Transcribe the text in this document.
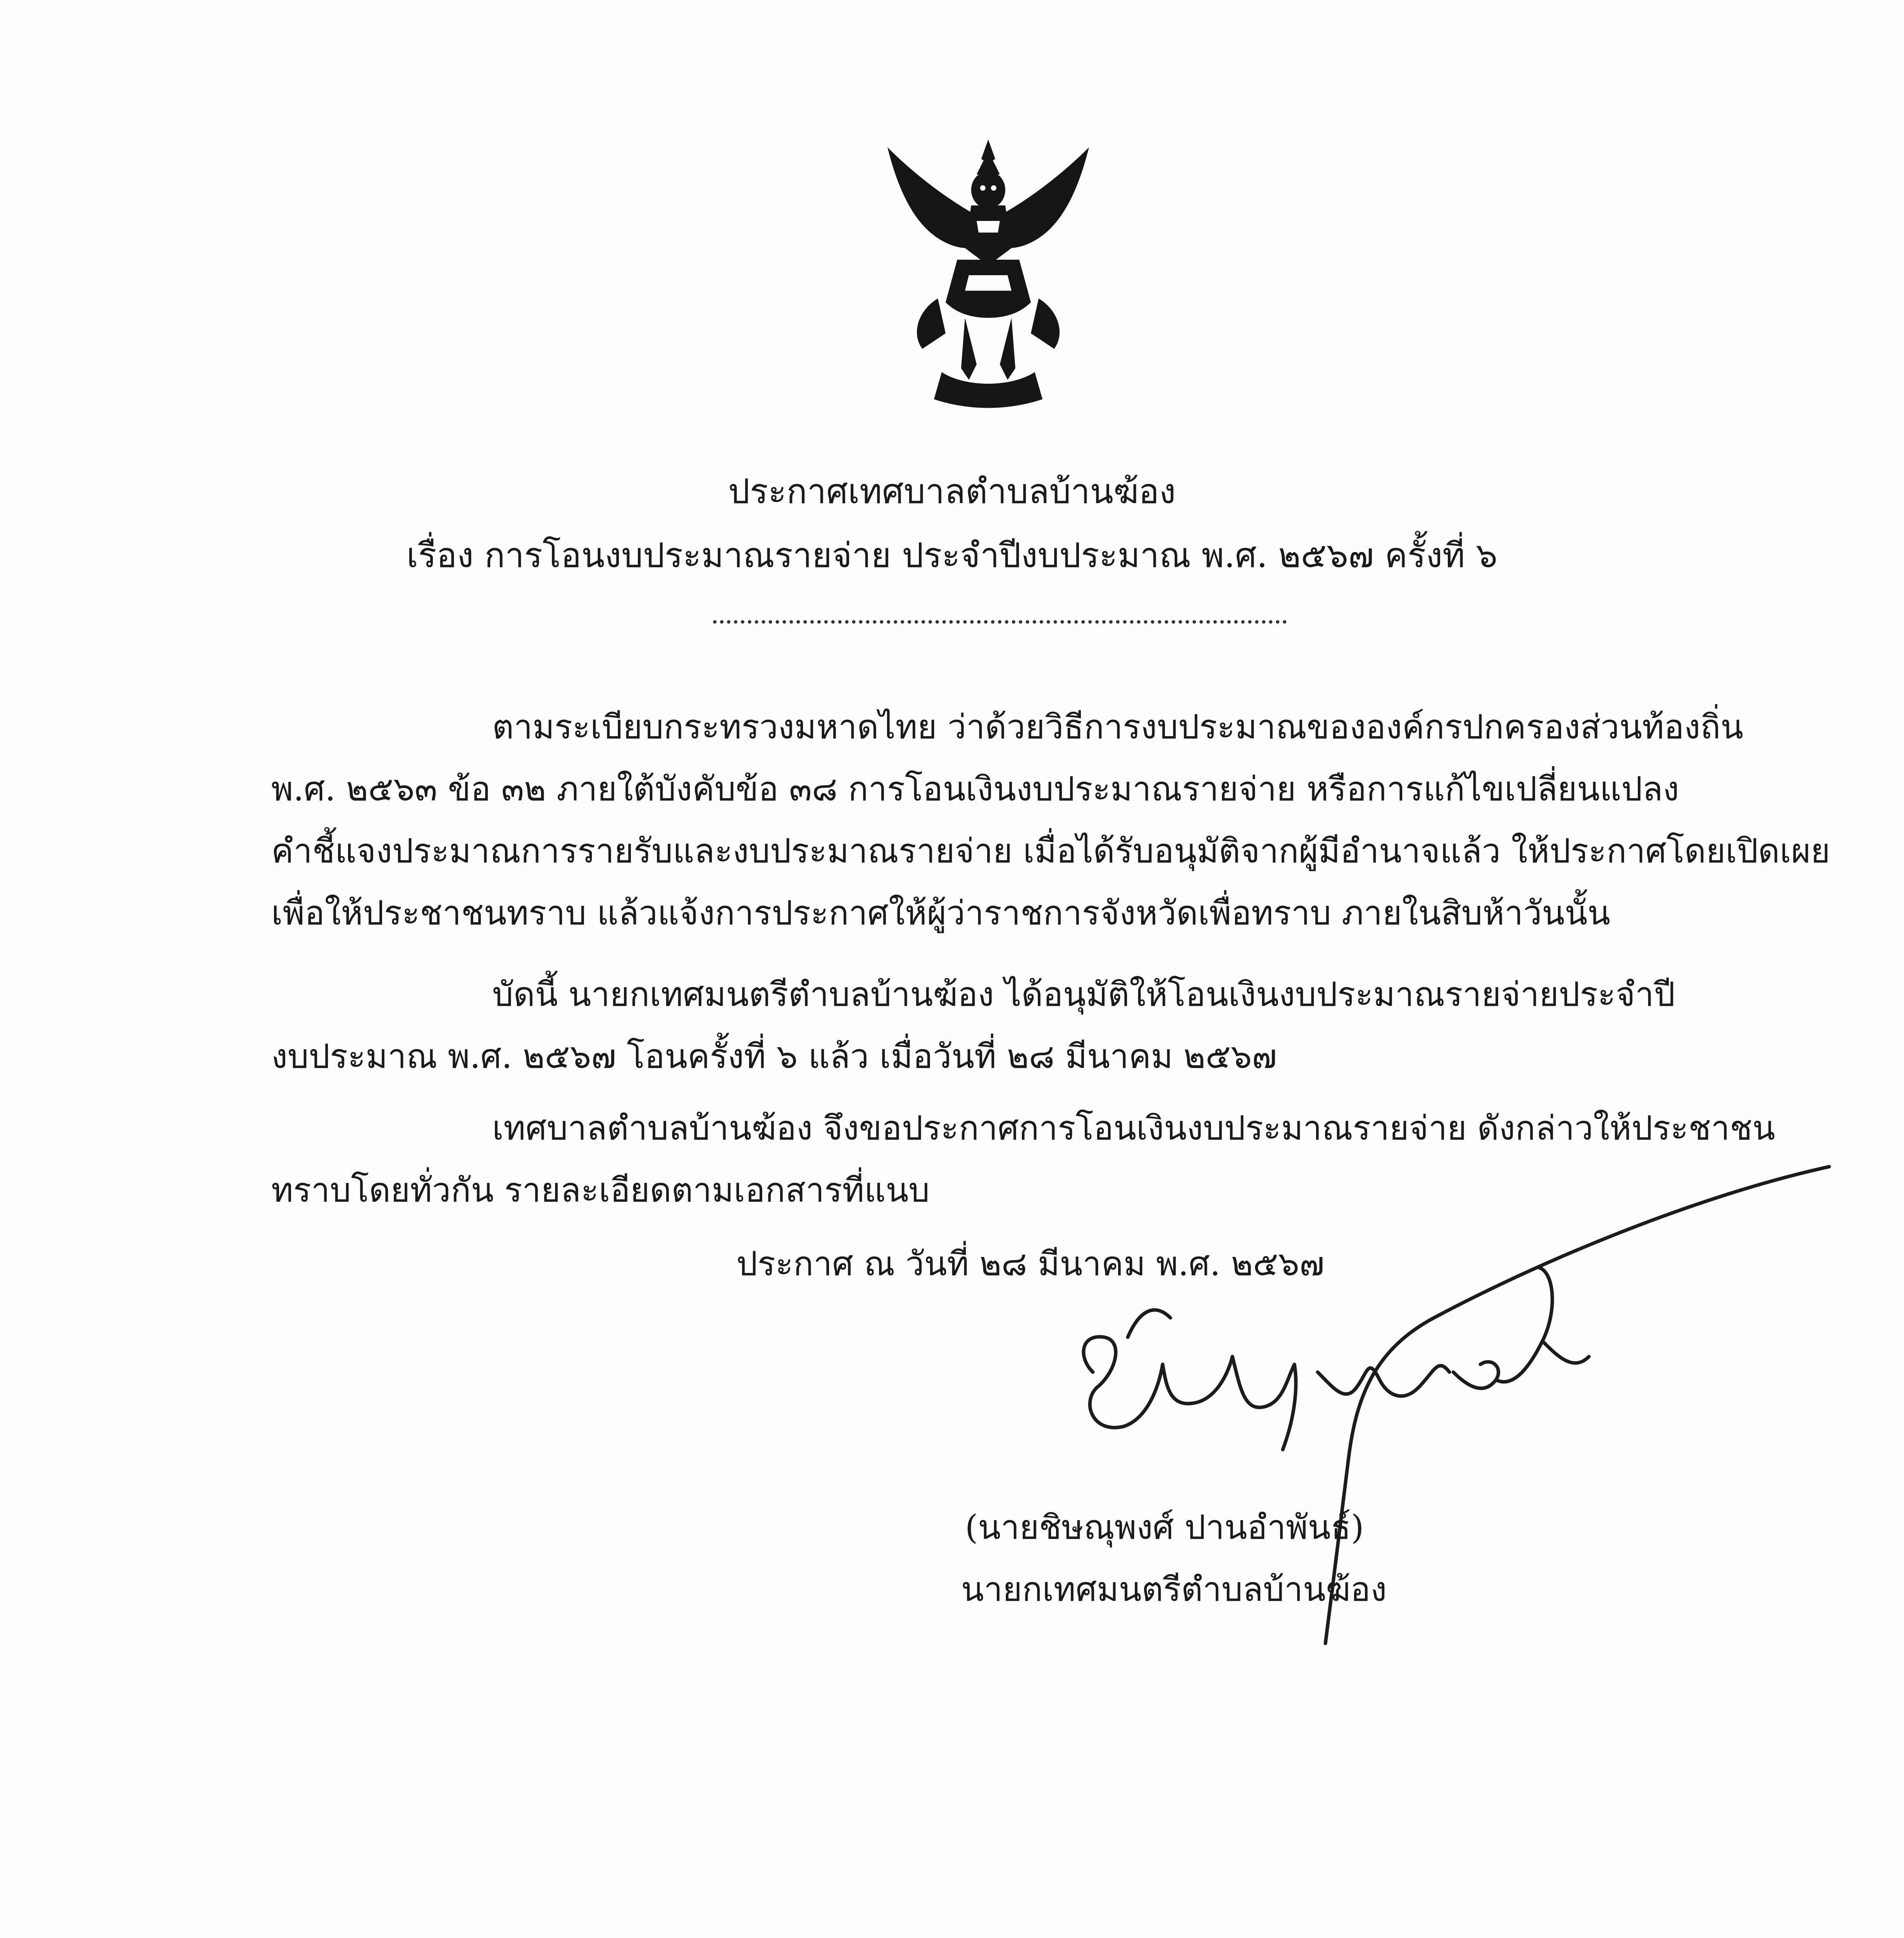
ประกาศเทศบาลตำบลบ้านฆ้อง
เรื่อง การโอนงบประมาณรายจ่าย ประจำปีงบประมาณ พ.ศ. ๒๕๖๗ ครั้งที่ ๖
ตามระเบียบกระทรวงมหาดไทย ว่าด้วยวิธีการงบประมาณขององค์กรปกครองส่วนท้องถิ่น
พ.ศ. ๒๕๖๓ ข้อ ๓๒ ภายใต้บังคับข้อ ๓๘ การโอนเงินงบประมาณรายจ่าย หรือการแก้ไขเปลี่ยนแปลง
คำชี้แจงประมาณการรายรับและงบประมาณรายจ่าย เมื่อได้รับอนุมัติจากผู้มีอำนาจแล้ว ให้ประกาศโดยเปิดเผย
เพื่อให้ประชาชนทราบ แล้วแจ้งการประกาศให้ผู้ว่าราชการจังหวัดเพื่อทราบ ภายในสิบห้าวันนั้น
บัดนี้ นายกเทศมนตรีตำบลบ้านฆ้อง ได้อนุมัติให้โอนเงินงบประมาณรายจ่ายประจำปี
งบประมาณ พ.ศ. ๒๕๖๗ โอนครั้งที่ ๖ แล้ว เมื่อวันที่ ๒๘ มีนาคม ๒๕๖๗
เทศบาลตำบลบ้านฆ้อง จึงขอประกาศการโอนเงินงบประมาณรายจ่าย ดังกล่าวให้ประชาชน
ทราบโดยทั่วกัน รายละเอียดตามเอกสารที่แนบ
ประกาศ ณ วันที่ ๒๘ มีนาคม พ.ศ. ๒๕๖๗
(นายชิษณุพงศ์ ปานอำพันธ์)
นายกเทศมนตรีตำบลบ้านฆ้อง
